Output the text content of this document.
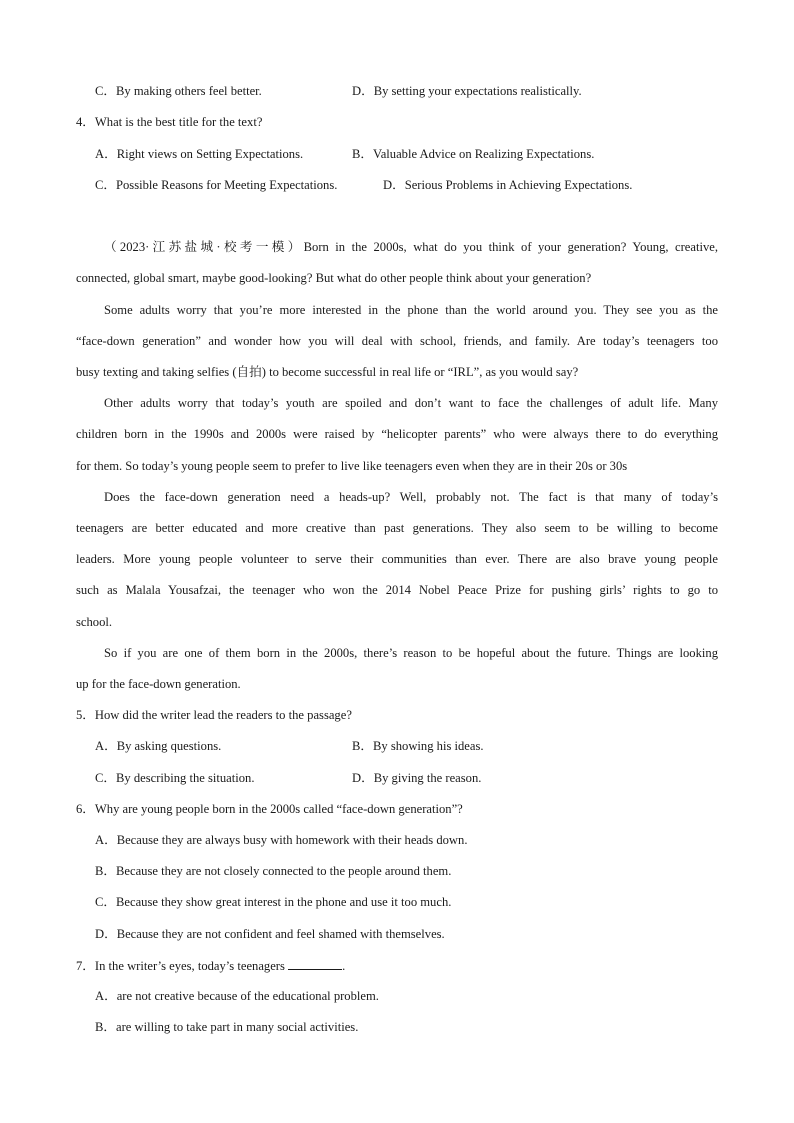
C．By making others feel better.	D．By setting your expectations realistically.
4．What is the best title for the text?
A．Right views on Setting Expectations.	B．Valuable Advice on Realizing Expectations.
C．Possible Reasons for Meeting Expectations.	D．Serious Problems in Achieving Expectations.
（2023·江苏盐城·校考一模）Born in the 2000s, what do you think of your generation? Young, creative,
connected, global smart, maybe good-looking? But what do other people think about your generation?
Some adults worry that you’re more interested in the phone than the world around you. They see you as the
“face-down generation” and wonder how you will deal with school, friends, and family. Are today’s teenagers too
busy texting and taking selfies (自拍) to become successful in real life or “IRL”, as you would say?
Other adults worry that today’s youth are spoiled and don’t want to face the challenges of adult life. Many
children born in the 1990s and 2000s were raised by “helicopter parents” who were always there to do everything
for them. So today’s young people seem to prefer to live like teenagers even when they are in their 20s or 30s
Does the face-down generation need a heads-up? Well, probably not. The fact is that many of today’s
teenagers are better educated and more creative than past generations. They also seem to be willing to become
leaders. More young people volunteer to serve their communities than ever. There are also brave young people
such as Malala Yousafzai, the teenager who won the 2014 Nobel Peace Prize for pushing girls’ rights to go to
school.
So if you are one of them born in the 2000s, there’s reason to be hopeful about the future. Things are looking
up for the face-down generation.
5．How did the writer lead the readers to the passage?
A．By asking questions.	B．By showing his ideas.
C．By describing the situation.	D．By giving the reason.
6．Why are young people born in the 2000s called “face-down generation”?
A．Because they are always busy with homework with their heads down.
B．Because they are not closely connected to the people around them.
C．Because they show great interest in the phone and use it too much.
D．Because they are not confident and feel shamed with themselves.
7．In the writer’s eyes, today’s teenagers	.
A．are not creative because of the educational problem.
B．are willing to take part in many social activities.
